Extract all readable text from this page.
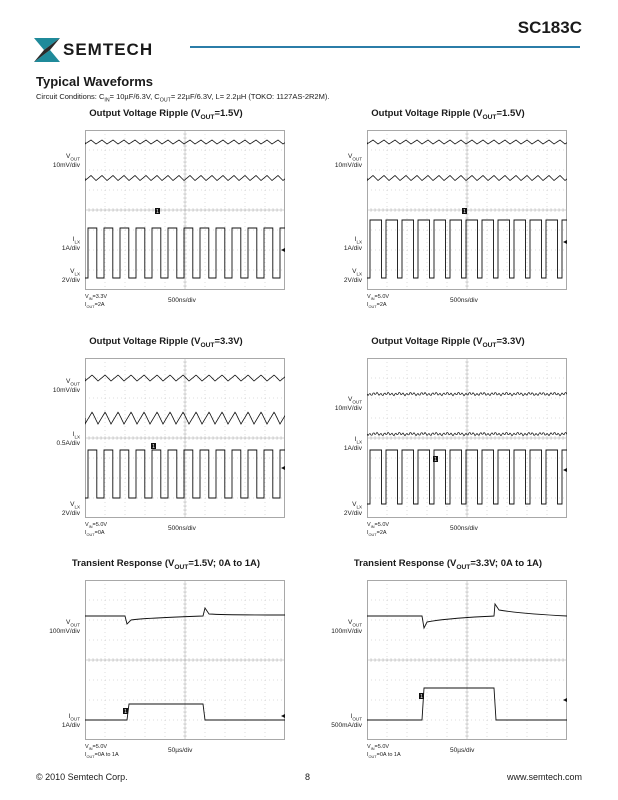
SC183C
SEMTECH
Typical Waveforms
Circuit Conditions: $C_{IN}= 10\mu F/6.3V$, $C_{OUT}= 22\mu F/6.3V$, L= 2.2µH (TOKO: 1127AS-2R2M).
Output Voltage Ripple $(V_{OUT}=1.5V)$
$V_{OUT}$
10mV/div
$I_{LX}$
1A/div
$V_{LX}$
2V/div
1
$V_{IN}=3.3V$
$I_{OUT}=2A$
500ns/div
Output Voltage Ripple $(V_{OUT}=1.5V)$
$V_{OUT}$
10mV/div
$I_{LX}$
1A/div
$V_{LX}$
2V/div
1
$V_{IN}=5.0V$
$I_{OUT}=2A$
500ns/div
Output Voltage Ripple $(V_{OUT}=3.3V)$
$V_{OUT}$
10mV/div
$I_{LX}$
0.5A/div
$V_{LX}$
2V/div
1
$V_{IN}=5.0V$
$I_{OUT}=0A$
500ns/div
Output Voltage Ripple $(V_{OUT}=3.3V)$
$V_{OUT}$
10mV/div
$I_{LX}$
1A/div
$V_{LX}$
2V/div
1
$V_{IN}=5.0V$
$I_{OUT}=2A$
500ns/div
Transient Response ($V_{OUT}=1.5V$; 0A to 1A)
$V_{OUT}$
100mV/div
$I_{OUT}$
1A/div
1
$V_{IN}=5.0V$
$I_{OUT}=0A$ to 1A
50µs/div
Transient Response ($V_{OUT}=3.3V$; 0A to 1A)
$V_{OUT}$
100mV/div
$I_{OUT}$
500mA/div
1
$V_{IN}=5.0V$
$I_{OUT}=0A$ to 1A
50µs/div
© 2010 Semtech Corp.	8	www.semtech.com
